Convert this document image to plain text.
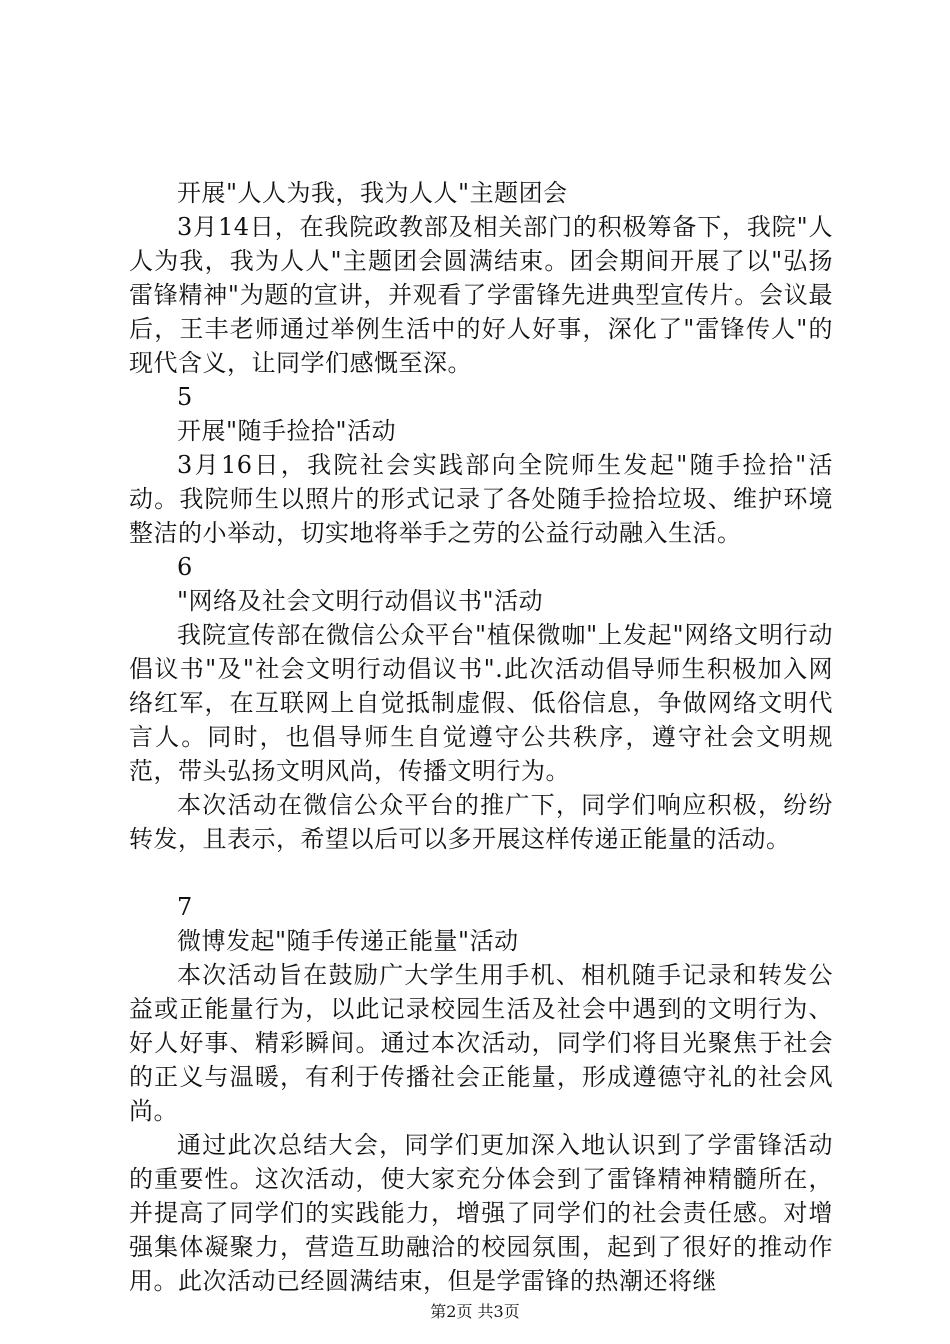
开展"人人为我，我为人人"主题团会

3月14日，在我院政教部及相关部门的积极筹备下，我院"人人为我，我为人人"主题团会圆满结束。团会期间开展了以"弘扬雷锋精神"为题的宣讲，并观看了学雷锋先进典型宣传片。会议最后，王丰老师通过举例生活中的好人好事，深化了"雷锋传人"的现代含义，让同学们感慨至深。

5

开展"随手捡拾"活动

3月16日，我院社会实践部向全院师生发起"随手捡拾"活动。我院师生以照片的形式记录了各处随手捡拾垃圾、维护环境整洁的小举动，切实地将举手之劳的公益行动融入生活。

6

"网络及社会文明行动倡议书"活动

我院宣传部在微信公众平台"植保微咖"上发起"网络文明行动倡议书"及"社会文明行动倡议书".此次活动倡导师生积极加入网络红军，在互联网上自觉抵制虚假、低俗信息，争做网络文明代言人。同时，也倡导师生自觉遵守公共秩序，遵守社会文明规范，带头弘扬文明风尚，传播文明行为。

本次活动在微信公众平台的推广下，同学们响应积极，纷纷转发，且表示，希望以后可以多开展这样传递正能量的活动。

7

微博发起"随手传递正能量"活动

本次活动旨在鼓励广大学生用手机、相机随手记录和转发公益或正能量行为，以此记录校园生活及社会中遇到的文明行为、好人好事、精彩瞬间。通过本次活动，同学们将目光聚焦于社会的正义与温暖，有利于传播社会正能量，形成遵德守礼的社会风尚。

通过此次总结大会，同学们更加深入地认识到了学雷锋活动的重要性。这次活动，使大家充分体会到了雷锋精神精髓所在，并提高了同学们的实践能力，增强了同学们的社会责任感。对增强集体凝聚力，营造互助融洽的校园氛围，起到了很好的推动作用。此次活动已经圆满结束，但是学雷锋的热潮还将继

第2页 共3页
